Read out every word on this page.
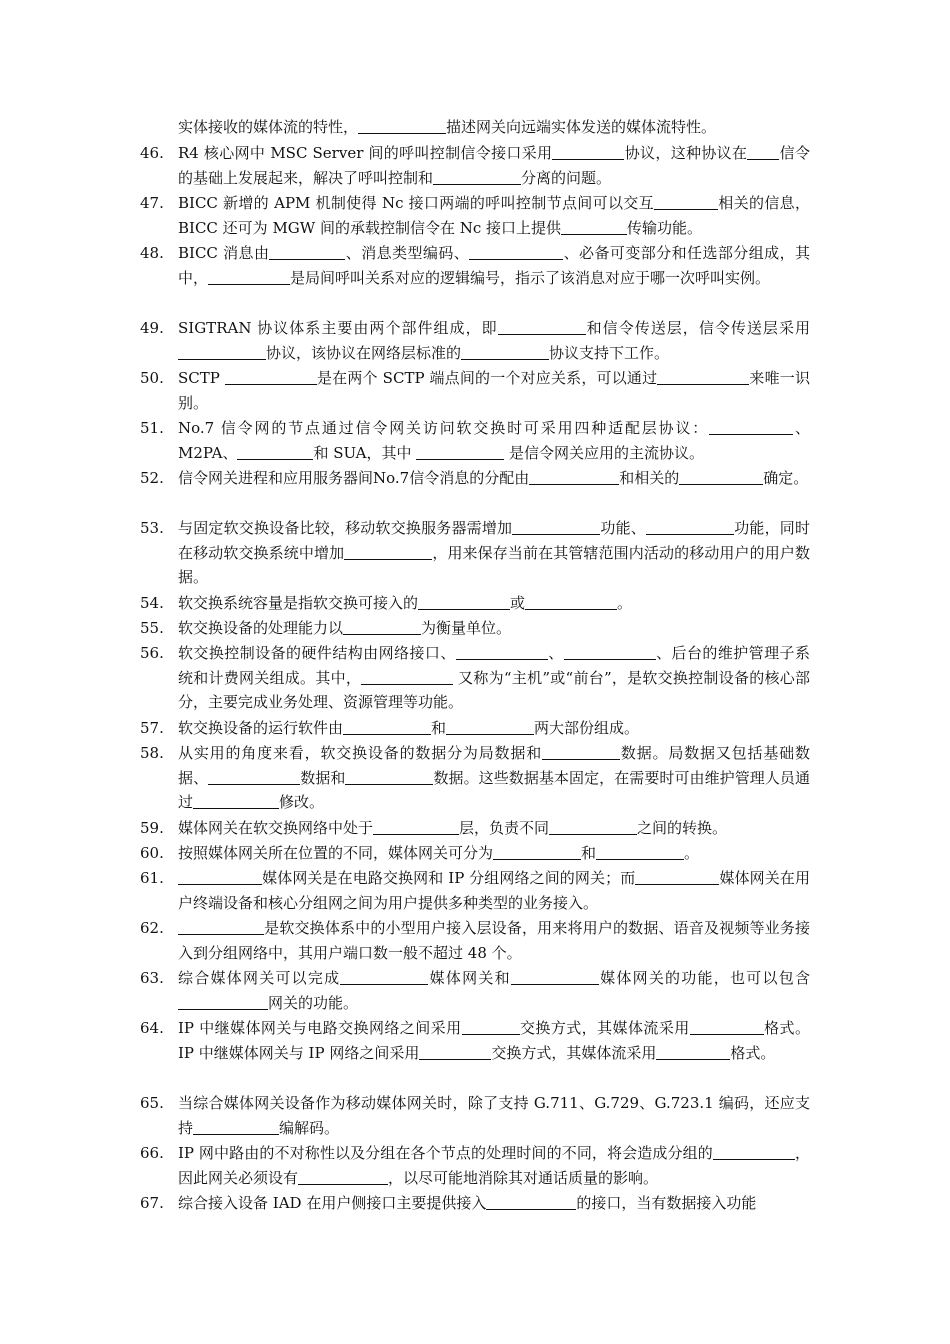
实体接收的媒体流的特性，	描述网关向远端实体发送的媒体流特性。
46. R4 核心网中 MSC Server 间的呼叫控制信令接口采用	协议，这种协议在 信令的基础上发展起来，解决了呼叫控制和	分离的问题。
47. BICC 新增的 APM 机制使得 Nc 接口两端的呼叫控制节点间可以交互	相关的信息，BICC 还可为 MGW 间的承载控制信令在 Nc 接口上提供	传输功能。
48. BICC 消息由	、消息类型编码、	、必备可变部分和任选部分组成，其中，	是局间呼叫关系对应的逻辑编号，指示了该消息对应于哪一次呼叫实例。
49. SIGTRAN 协议体系主要由两个部件组成，即	和信令传送层，信令传送层采用协议，该协议在网络层标准的	协议支持下工作。
50. SCTP	是在两个 SCTP 端点间的一个对应关系，可以通过	来唯一识别。
51. No.7 信令网的节点通过信令网关访问软交换时可采用四种适配层协议：	、M2PA、	和 SUA，其中	是信令网关应用的主流协议。
52. 信令网关进程和应用服务器间No.7信令消息的分配由	和相关的	确定。
53. 与固定软交换设备比较，移动软交换服务器需增加	功能、	功能，同时在移动软交换系统中增加	，用来保存当前在其管辖范围内活动的移动用户的用户数据。
54. 软交换系统容量是指软交换可接入的	或	。
55. 软交换设备的处理能力以	为衡量单位。
56. 软交换控制设备的硬件结构由网络接口、	、	、后台的维护管理子系统和计费网关组成。其中，	又称为“主机”或“前台”，是软交换控制设备的核心部分，主要完成业务处理、资源管理等功能。
57. 软交换设备的运行软件由	和	两大部份组成。
58. 从实用的角度来看，软交换设备的数据分为局数据和	数据。局数据又包括基础数据、	数据和	数据。这些数据基本固定，在需要时可由维护管理人员通过	修改。
59. 媒体网关在软交换网络中处于	层，负责不同	之间的转换。
60. 按照媒体网关所在位置的不同，媒体网关可分为	和	。
61.	媒体网关是在电路交换网和 IP 分组网络之间的网关；而	媒体网关在用户终端设备和核心分组网之间为用户提供多种类型的业务接入。
62.	是软交换体系中的小型用户接入层设备，用来将用户的数据、语音及视频等业务接入到分组网络中，其用户端口数一般不超过 48 个。
63. 综合媒体网关可以完成	媒体网关和	媒体网关的功能，也可以包含网关的功能。
64. IP 中继媒体网关与电路交换网络之间采用	交换方式，其媒体流采用	格式。IP 中继媒体网关与 IP 网络之间采用	交换方式，其媒体流采用	格式。
65. 当综合媒体网关设备作为移动媒体网关时，除了支持 G.711、G.729、G.723.1 编码，还应支持	编解码。
66. IP 网中路由的不对称性以及分组在各个节点的处理时间的不同，将会造成分组的	，因此网关必须设有	，以尽可能地消除其对通话质量的影响。
67. 综合接入设备 IAD 在用户侧接口主要提供接入	的接口，当有数据接入功能
